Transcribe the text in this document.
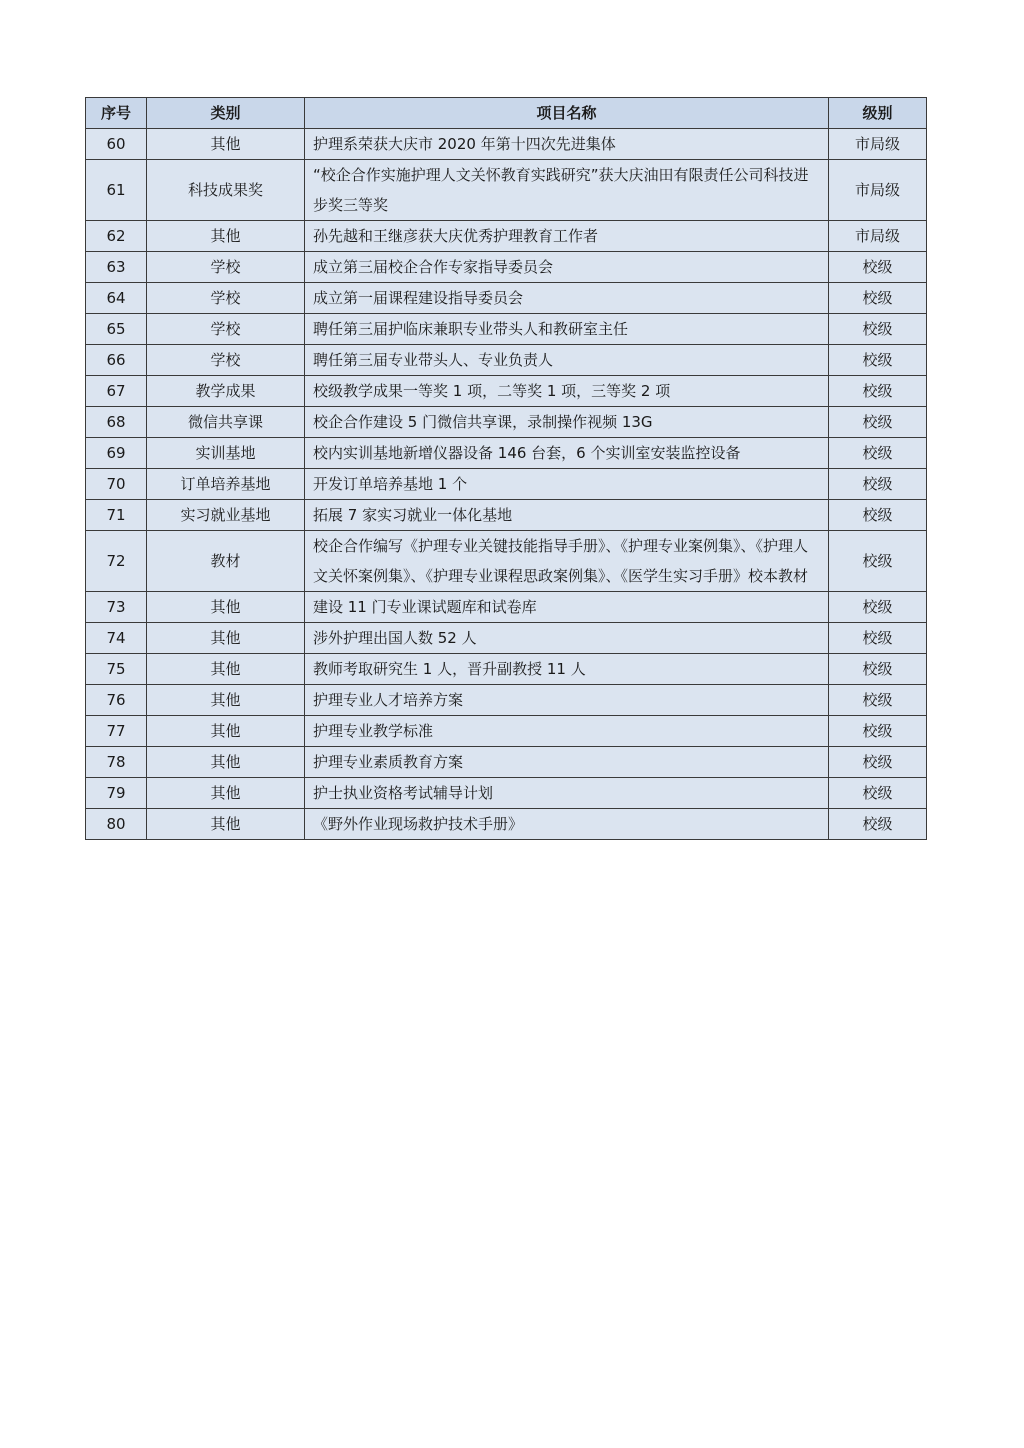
序号	类别	项目名称	级别
60	其他	护理系荣获大庆市 2020 年第十四次先进集体	市局级
61	科技成果奖	“校企合作实施护理人文关怀教育实践研究”获大庆油田有限责任公司科技进步奖三等奖	市局级
62	其他	孙先越和王继彦获大庆优秀护理教育工作者	市局级
63	学校	成立第三届校企合作专家指导委员会	校级
64	学校	成立第一届课程建设指导委员会	校级
65	学校	聘任第三届护临床兼职专业带头人和教研室主任	校级
66	学校	聘任第三届专业带头人、专业负责人	校级
67	教学成果	校级教学成果一等奖 1 项，二等奖 1 项，三等奖 2 项	校级
68	微信共享课	校企合作建设 5 门微信共享课，录制操作视频 13G	校级
69	实训基地	校内实训基地新增仪器设备 146 台套，6 个实训室安装监控设备	校级
70	订单培养基地	开发订单培养基地 1 个	校级
71	实习就业基地	拓展 7 家实习就业一体化基地	校级
72	教材	校企合作编写《护理专业关键技能指导手册》、《护理专业案例集》、《护理人文关怀案例集》、《护理专业课程思政案例集》、《医学生实习手册》校本教材	校级
73	其他	建设 11 门专业课试题库和试卷库	校级
74	其他	涉外护理出国人数 52 人	校级
75	其他	教师考取研究生 1 人，晋升副教授 11 人	校级
76	其他	护理专业人才培养方案	校级
77	其他	护理专业教学标准	校级
78	其他	护理专业素质教育方案	校级
79	其他	护士执业资格考试辅导计划	校级
80	其他	《野外作业现场救护技术手册》	校级
